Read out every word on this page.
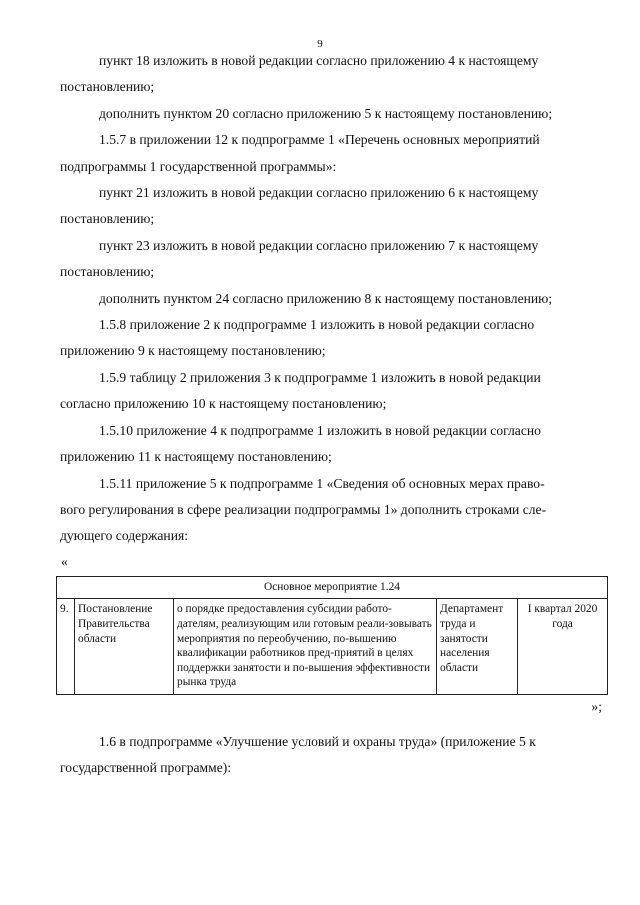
9

пункт 18 изложить в новой редакции согласно приложению 4 к настоящему

постановлению;

дополнить пунктом 20 согласно приложению 5 к настоящему постановлению;

1.5.7 в приложении 12 к подпрограмме 1 «Перечень основных мероприятий

подпрограммы 1 государственной программы»:

пункт 21 изложить в новой редакции согласно приложению 6 к настоящему

постановлению;

пункт 23 изложить в новой редакции согласно приложению 7 к настоящему

постановлению;

дополнить пунктом 24 согласно приложению 8 к настоящему постановлению;

1.5.8 приложение 2 к подпрограмме 1 изложить в новой редакции согласно

приложению 9 к настоящему постановлению;

1.5.9 таблицу 2 приложения 3 к подпрограмме 1 изложить в новой редакции

согласно приложению 10 к настоящему постановлению;

1.5.10 приложение 4 к подпрограмме 1 изложить в новой редакции согласно

приложению 11 к настоящему постановлению;

1.5.11 приложение 5 к подпрограмме 1 «Сведения об основных мерах право-

вого регулирования в сфере реализации подпрограммы 1» дополнить строками сле-

дующего содержания:

«

Основное мероприятие 1.24
9.	Постановление Правительства области	о порядке предоставления субсидии работо-дателям, реализующим или готовым реали-зовывать мероприятия по переобучению, по-вышению квалификации работников пред-приятий в целях поддержки занятости и по-вышения эффективности рынка труда	Департамент труда и занятости населения области	I квартал 2020 года

»;

1.6 в подпрограмме «Улучшение условий и охраны труда» (приложение 5 к

государственной программе):
